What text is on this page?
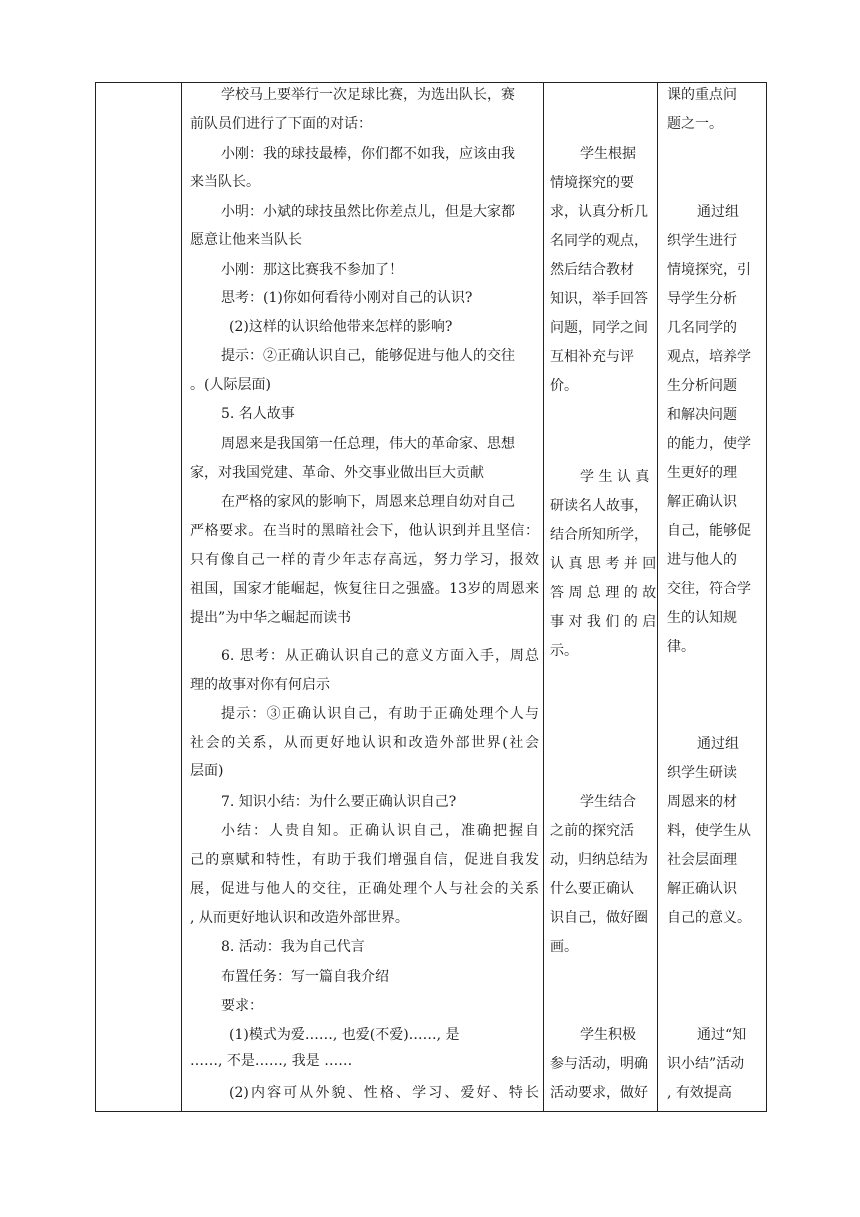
学校马上要举行一次足球比赛，为选出队长，赛
前队员们进行了下面的对话：
小刚：我的球技最棒，你们都不如我，应该由我
来当队长。
小明：小斌的球技虽然比你差点儿，但是大家都
愿意让他来当队长
小刚：那这比赛我不参加了！
思考：(1)你如何看待小刚对自己的认识?
(2)这样的认识给他带来怎样的影响?
提示：②正确认识自己，能够促进与他人的交往
。(人际层面)
5. 名人故事
周恩来是我国第一任总理，伟大的革命家、思想
家，对我国党建、革命、外交事业做出巨大贡献
在严格的家风的影响下，周恩来总理自幼对自己
严格要求。在当时的黑暗社会下，他认识到并且坚信：
只有像自己一样的青少年志存高远，努力学习，报效
祖国，国家才能崛起，恢复往日之强盛。13岁的周恩来
提出”为中华之崛起而读书
6. 思考：从正确认识自己的意义方面入手，周总
理的故事对你有何启示
提示：③正确认识自己，有助于正确处理个人与
社会的关系，从而更好地认识和改造外部世界(社会
层面)
7. 知识小结：为什么要正确认识自己?
小结：人贵自知。正确认识自己，准确把握自
己的禀赋和特性，有助于我们增强自信，促进自我发
展，促进与他人的交往，正确处理个人与社会的关系
, 从而更好地认识和改造外部世界。
8. 活动：我为自己代言
布置任务：写一篇自我介绍
要求：
(1)模式为爱……, 也爱(不爱)……, 是
……, 不是……, 我是 ……
(2)内容可从外貌、性格、学习、爱好、特长
学生根据
情境探究的要
求，认真分析几
名同学的观点，
然后结合教材
知识，举手回答
问题，同学之间
互相补充与评
价。
学 生 认 真
研读名人故事，
结合所知所学，
认 真 思 考 并 回
答 周 总 理 的 故
事 对 我 们 的 启
示。
学生结合
之前的探究活
动，归纳总结为
什么要正确认
识自己，做好圈
画。
学生积极
参与活动，明确
活动要求，做好
课的重点问
题之一。
通过组
织学生进行
情境探究，引
导学生分析
几名同学的
观点，培养学
生分析问题
和解决问题
的能力，使学
生更好的理
解正确认识
自己，能够促
进与他人的
交往，符合学
生的认知规
律。
通过组
织学生研读
周恩来的材
料，使学生从
社会层面理
解正确认识
自己的意义。
通过“知
识小结”活动
, 有效提高
